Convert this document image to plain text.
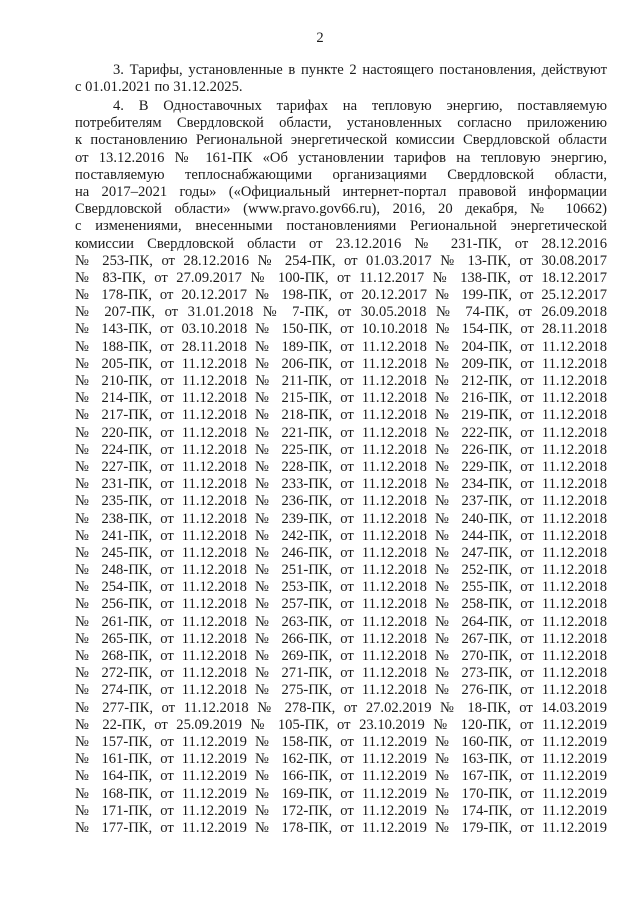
2
3. Тарифы, установленные в пункте 2 настоящего постановления, действуют
с 01.01.2021 по 31.12.2025.
4. В Одноставочных тарифах на тепловую энергию, поставляемую
потребителям Свердловской области, установленных согласно приложению
к постановлению Региональной энергетической комиссии Свердловской области
от 13.12.2016 № 161-ПК «Об установлении тарифов на тепловую энергию,
поставляемую теплоснабжающими организациями Свердловской области,
на 2017–2021 годы» («Официальный интернет-портал правовой информации
Свердловской области» (www.pravo.gov66.ru), 2016, 20 декабря, № 10662)
с изменениями, внесенными постановлениями Региональной энергетической
комиссии Свердловской области от 23.12.2016 № 231-ПК, от 28.12.2016
№ 253-ПК, от 28.12.2016 № 254-ПК, от 01.03.2017 № 13-ПК, от 30.08.2017
№ 83-ПК, от 27.09.2017 № 100-ПК, от 11.12.2017 № 138-ПК, от 18.12.2017
№ 178-ПК, от 20.12.2017 № 198-ПК, от 20.12.2017 № 199-ПК, от 25.12.2017
№ 207-ПК, от 31.01.2018 № 7-ПК, от 30.05.2018 № 74-ПК, от 26.09.2018
№ 143-ПК, от 03.10.2018 № 150-ПК, от 10.10.2018 № 154-ПК, от 28.11.2018
№ 188-ПК, от 28.11.2018 № 189-ПК, от 11.12.2018 № 204-ПК, от 11.12.2018
№ 205-ПК, от 11.12.2018 № 206-ПК, от 11.12.2018 № 209-ПК, от 11.12.2018
№ 210-ПК, от 11.12.2018 № 211-ПК, от 11.12.2018 № 212-ПК, от 11.12.2018
№ 214-ПК, от 11.12.2018 № 215-ПК, от 11.12.2018 № 216-ПК, от 11.12.2018
№ 217-ПК, от 11.12.2018 № 218-ПК, от 11.12.2018 № 219-ПК, от 11.12.2018
№ 220-ПК, от 11.12.2018 № 221-ПК, от 11.12.2018 № 222-ПК, от 11.12.2018
№ 224-ПК, от 11.12.2018 № 225-ПК, от 11.12.2018 № 226-ПК, от 11.12.2018
№ 227-ПК, от 11.12.2018 № 228-ПК, от 11.12.2018 № 229-ПК, от 11.12.2018
№ 231-ПК, от 11.12.2018 № 233-ПК, от 11.12.2018 № 234-ПК, от 11.12.2018
№ 235-ПК, от 11.12.2018 № 236-ПК, от 11.12.2018 № 237-ПК, от 11.12.2018
№ 238-ПК, от 11.12.2018 № 239-ПК, от 11.12.2018 № 240-ПК, от 11.12.2018
№ 241-ПК, от 11.12.2018 № 242-ПК, от 11.12.2018 № 244-ПК, от 11.12.2018
№ 245-ПК, от 11.12.2018 № 246-ПК, от 11.12.2018 № 247-ПК, от 11.12.2018
№ 248-ПК, от 11.12.2018 № 251-ПК, от 11.12.2018 № 252-ПК, от 11.12.2018
№ 254-ПК, от 11.12.2018 № 253-ПК, от 11.12.2018 № 255-ПК, от 11.12.2018
№ 256-ПК, от 11.12.2018 № 257-ПК, от 11.12.2018 № 258-ПК, от 11.12.2018
№ 261-ПК, от 11.12.2018 № 263-ПК, от 11.12.2018 № 264-ПК, от 11.12.2018
№ 265-ПК, от 11.12.2018 № 266-ПК, от 11.12.2018 № 267-ПК, от 11.12.2018
№ 268-ПК, от 11.12.2018 № 269-ПК, от 11.12.2018 № 270-ПК, от 11.12.2018
№ 272-ПК, от 11.12.2018 № 271-ПК, от 11.12.2018 № 273-ПК, от 11.12.2018
№ 274-ПК, от 11.12.2018 № 275-ПК, от 11.12.2018 № 276-ПК, от 11.12.2018
№ 277-ПК, от 11.12.2018 № 278-ПК, от 27.02.2019 № 18-ПК, от 14.03.2019
№ 22-ПК, от 25.09.2019 № 105-ПК, от 23.10.2019 № 120-ПК, от 11.12.2019
№ 157-ПК, от 11.12.2019 № 158-ПК, от 11.12.2019 № 160-ПК, от 11.12.2019
№ 161-ПК, от 11.12.2019 № 162-ПК, от 11.12.2019 № 163-ПК, от 11.12.2019
№ 164-ПК, от 11.12.2019 № 166-ПК, от 11.12.2019 № 167-ПК, от 11.12.2019
№ 168-ПК, от 11.12.2019 № 169-ПК, от 11.12.2019 № 170-ПК, от 11.12.2019
№ 171-ПК, от 11.12.2019 № 172-ПК, от 11.12.2019 № 174-ПК, от 11.12.2019
№ 177-ПК, от 11.12.2019 № 178-ПК, от 11.12.2019 № 179-ПК, от 11.12.2019
